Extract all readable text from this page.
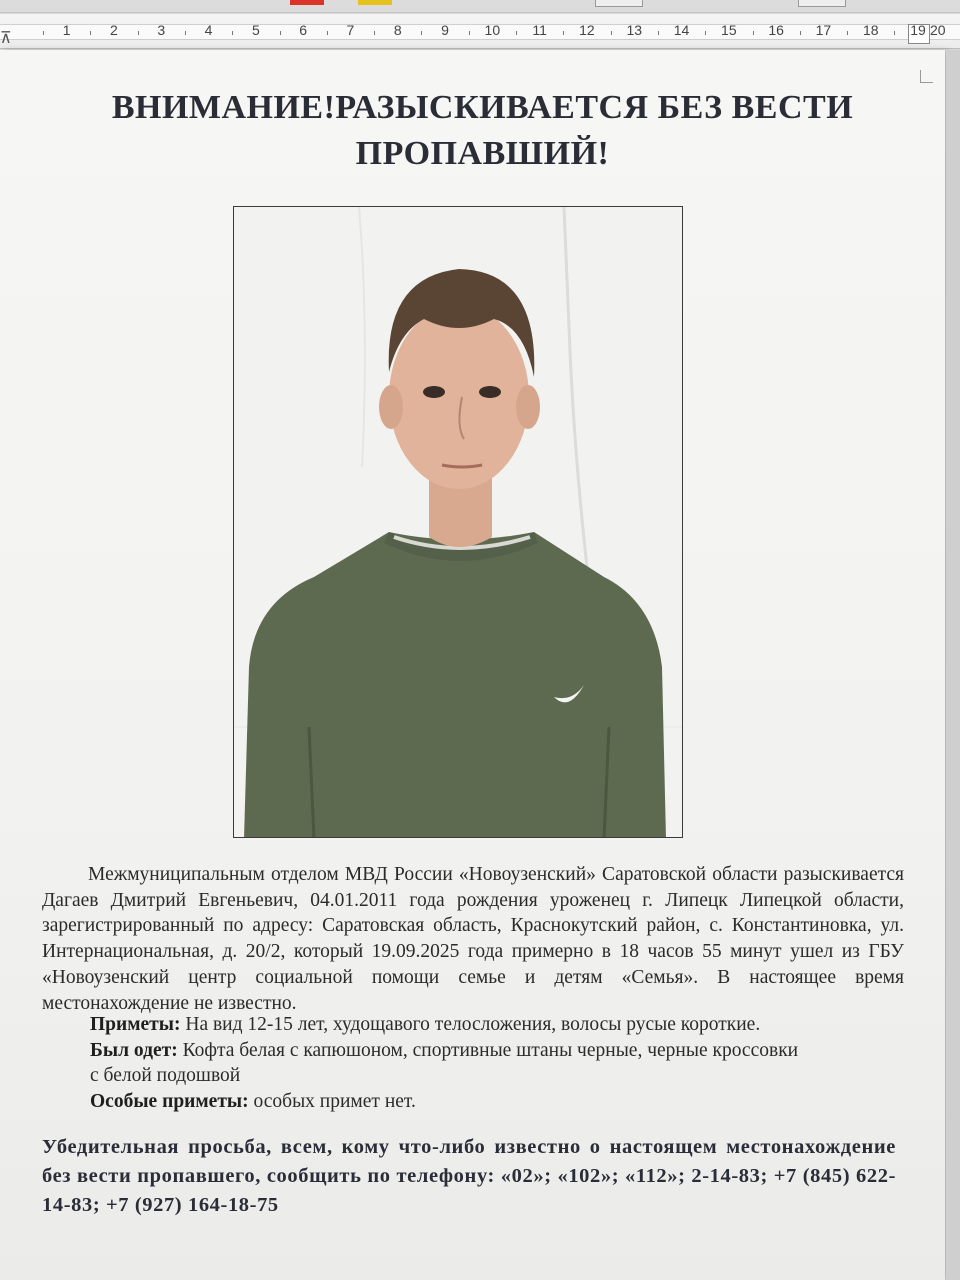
⊼	20
1	2	3	4	5	6	7	8	9	10 11 12 13 14 15 16 17 18 19
ВНИМАНИЕ!РАЗЫСКИВАЕТСЯ БЕЗ ВЕСТИ ПРОПАВШИЙ!

Межмуниципальным отделом МВД России «Новоузенский» Саратовской области разыскивается Дагаев Дмитрий Евгеньевич, 04.01.2011 года рождения уроженец г. Липецк Липецкой области, зарегистрированный по адресу: Саратовская область, Краснокутский район, с. Константиновка, ул. Интернациональная, д. 20/2, который 19.09.2025 года примерно в 18 часов 55 минут ушел из ГБУ «Новоузенский центр социальной помощи семье и детям «Семья». В настоящее время местонахождение не известно.

Приметы: На вид 12-15 лет, худощавого телосложения, волосы русые короткие.

Был одет: Кофта белая с капюшоном, спортивные штаны черные, черные кроссовки

с белой подошвой

Особые приметы: особых примет нет.

Убедительная просьба, всем, кому что-либо известно о настоящем местонахождение без вести пропавшего, сообщить по телефону: «02»; «102»; «112»; 2-14-83; +7 (845) 622-14-83; +7 (927) 164-18-75
